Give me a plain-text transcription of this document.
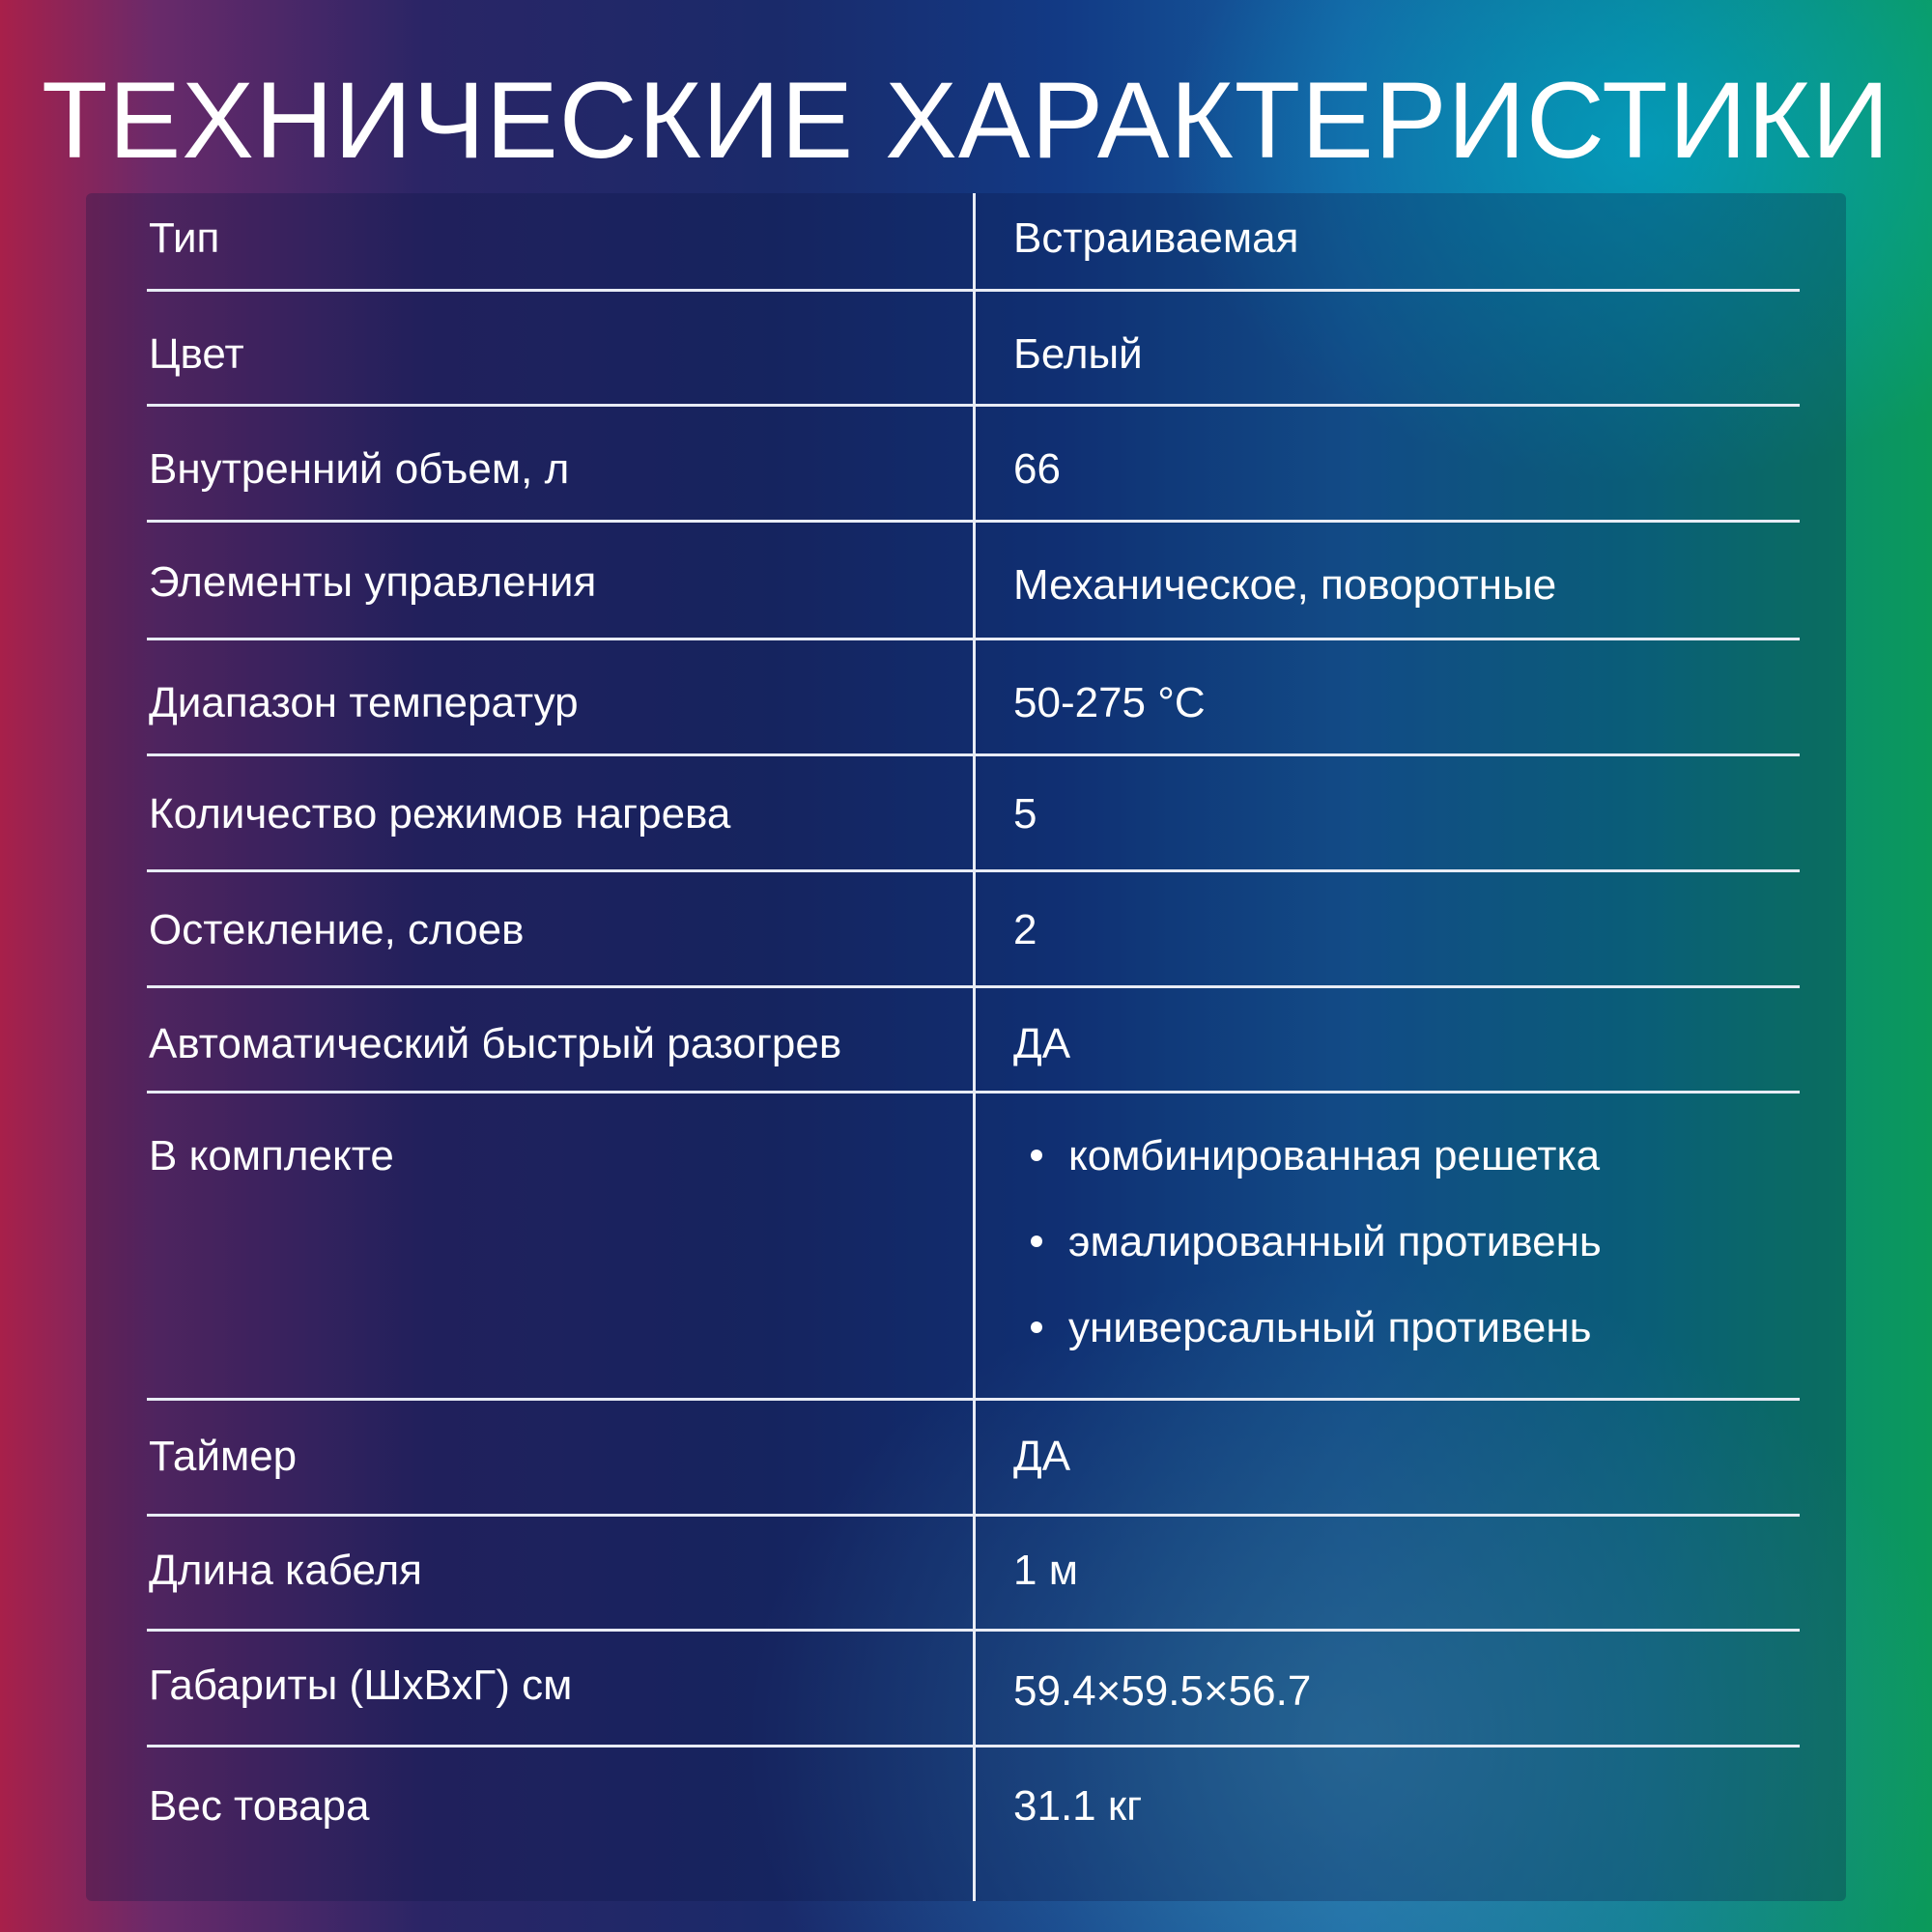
ТЕХНИЧЕСКИЕ ХАРАКТЕРИСТИКИ
Тип	Встраиваемая
Цвет	Белый
Внутренний объем, л	66
Элементы управления	Механическое, поворотные
Диапазон температур	50-275 °C
Количество режимов нагрева	5
Остекление, слоев	2
Автоматический быстрый разогрев	ДА
В комплекте	комбинированная решетка
эмалированный противень
универсальный противень
Таймер	ДА
Длина кабеля	1 м
Габариты (ШхВхГ) см	59.4×59.5×56.7
Вес товара	31.1 кг
